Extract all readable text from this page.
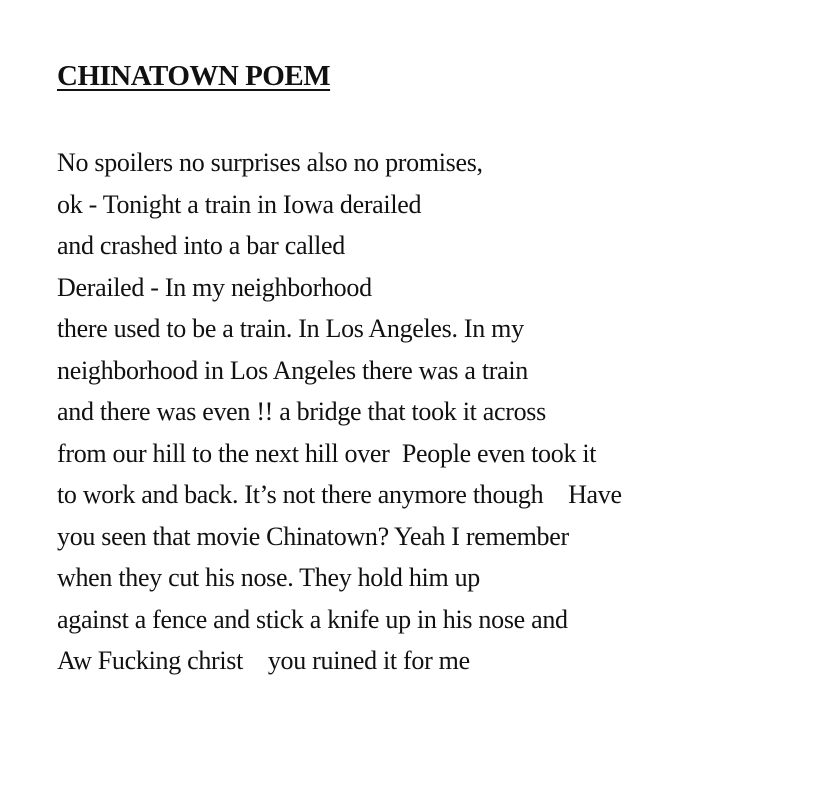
CHINATOWN POEM
No spoilers no surprises also no promises,
ok - Tonight a train in Iowa derailed
and crashed into a bar called
Derailed - In my neighborhood
there used to be a train. In Los Angeles. In my
neighborhood in Los Angeles there was a train
and there was even !! a bridge that took it across
from our hill to the next hill over  People even took it
to work and back. It’s not there anymore though    Have
you seen that movie Chinatown? Yeah I remember
when they cut his nose. They hold him up
against a fence and stick a knife up in his nose and
Aw Fucking christ    you ruined it for me
